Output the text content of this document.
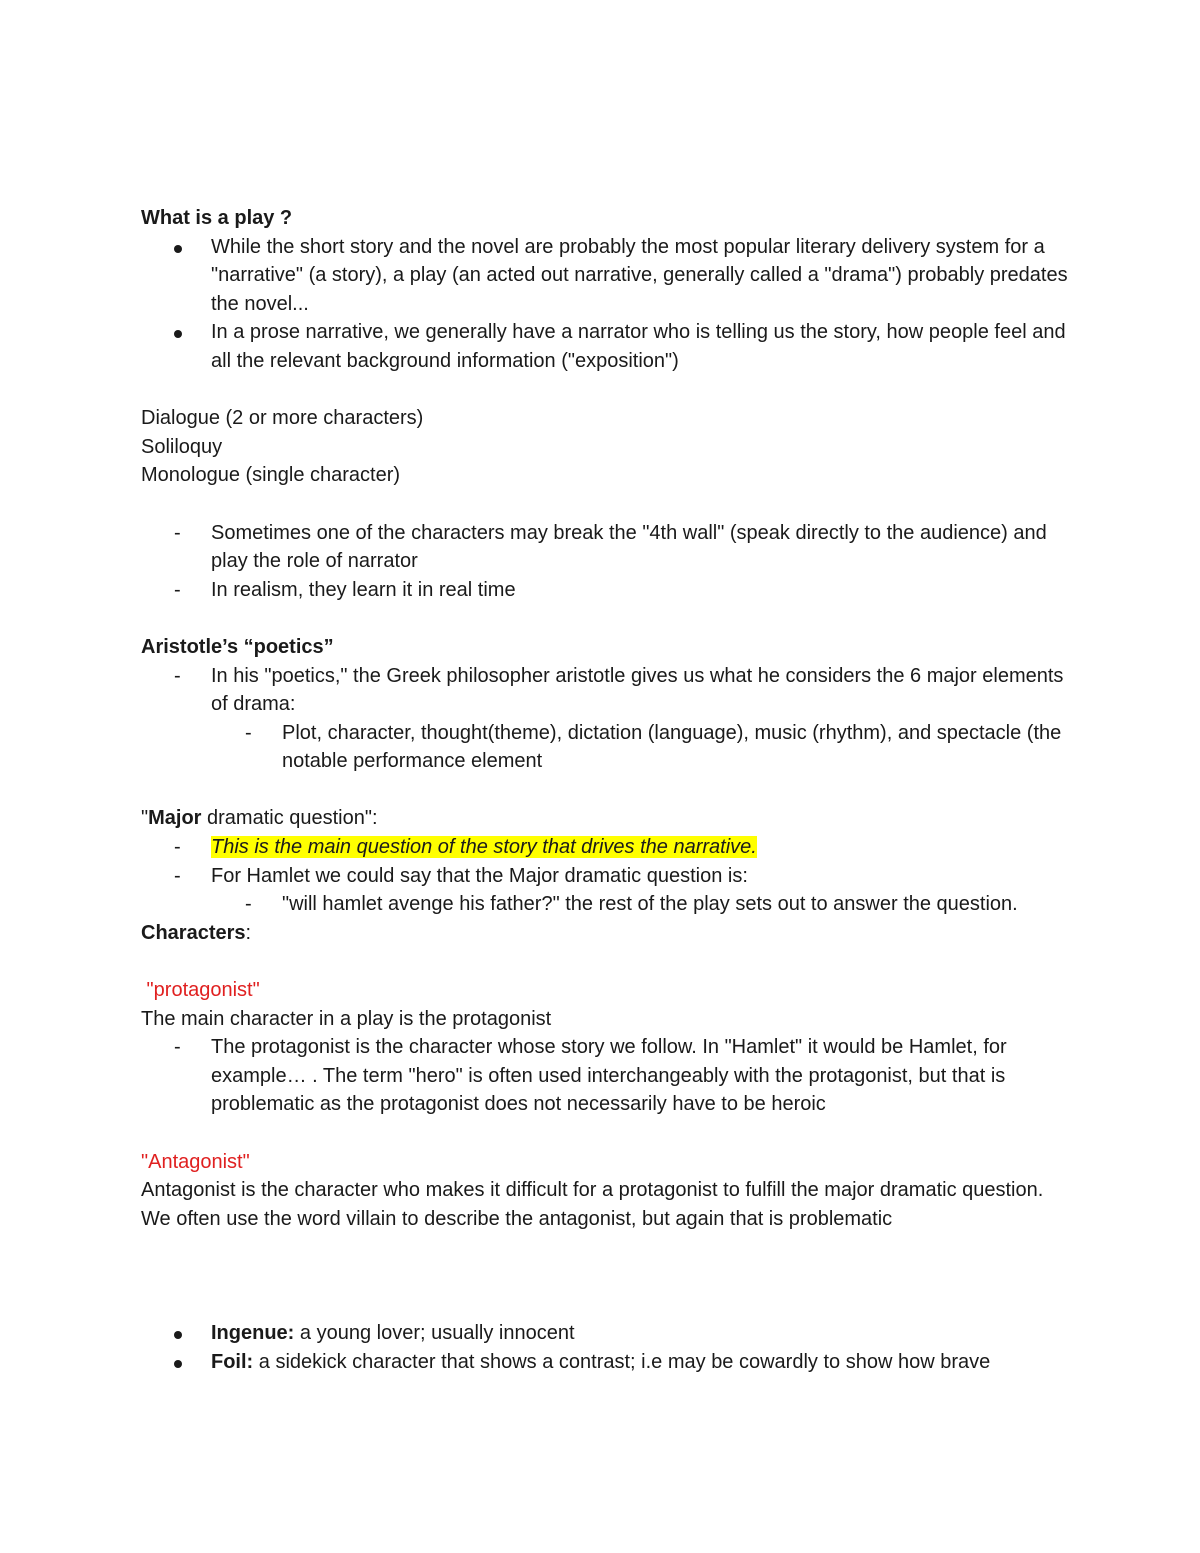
What is a play ?

While the short story and the novel are probably the most popular literary delivery system for a "narrative" (a story), a play (an acted out narrative, generally called a "drama") probably predates the novel...
In a prose narrative, we generally have a narrator who is telling us the story, how people feel and all the relevant background information ("exposition")

Dialogue (2 or more characters)

Soliloquy

Monologue (single character)

- Sometimes one of the characters may break the "4th wall" (speak directly to the audience) and play the role of narrator
- In realism, they learn it in real time

Aristotle’s “poetics”

- In his "poetics," the Greek philosopher aristotle gives us what he considers the 6 major elements of drama:
- Plot, character, thought(theme), dictation (language), music (rhythm), and spectacle (the notable performance element

"Major dramatic question":

- This is the main question of the story that drives the narrative.
- For Hamlet we could say that the Major dramatic question is:
- "will hamlet avenge his father?" the rest of the play sets out to answer the question.

Characters:

"protagonist"

The main character in a play is the protagonist

- The protagonist is the character whose story we follow. In "Hamlet" it would be Hamlet, for example… . The term "hero" is often used interchangeably with the protagonist, but that is problematic as the protagonist does not necessarily have to be heroic

"Antagonist"

Antagonist is the character who makes it difficult for a protagonist to fulfill the major dramatic question. We often use the word villain to describe the antagonist, but again that is problematic

Ingenue: a young lover; usually innocent
Foil: a sidekick character that shows a contrast; i.e may be cowardly to show how brave
